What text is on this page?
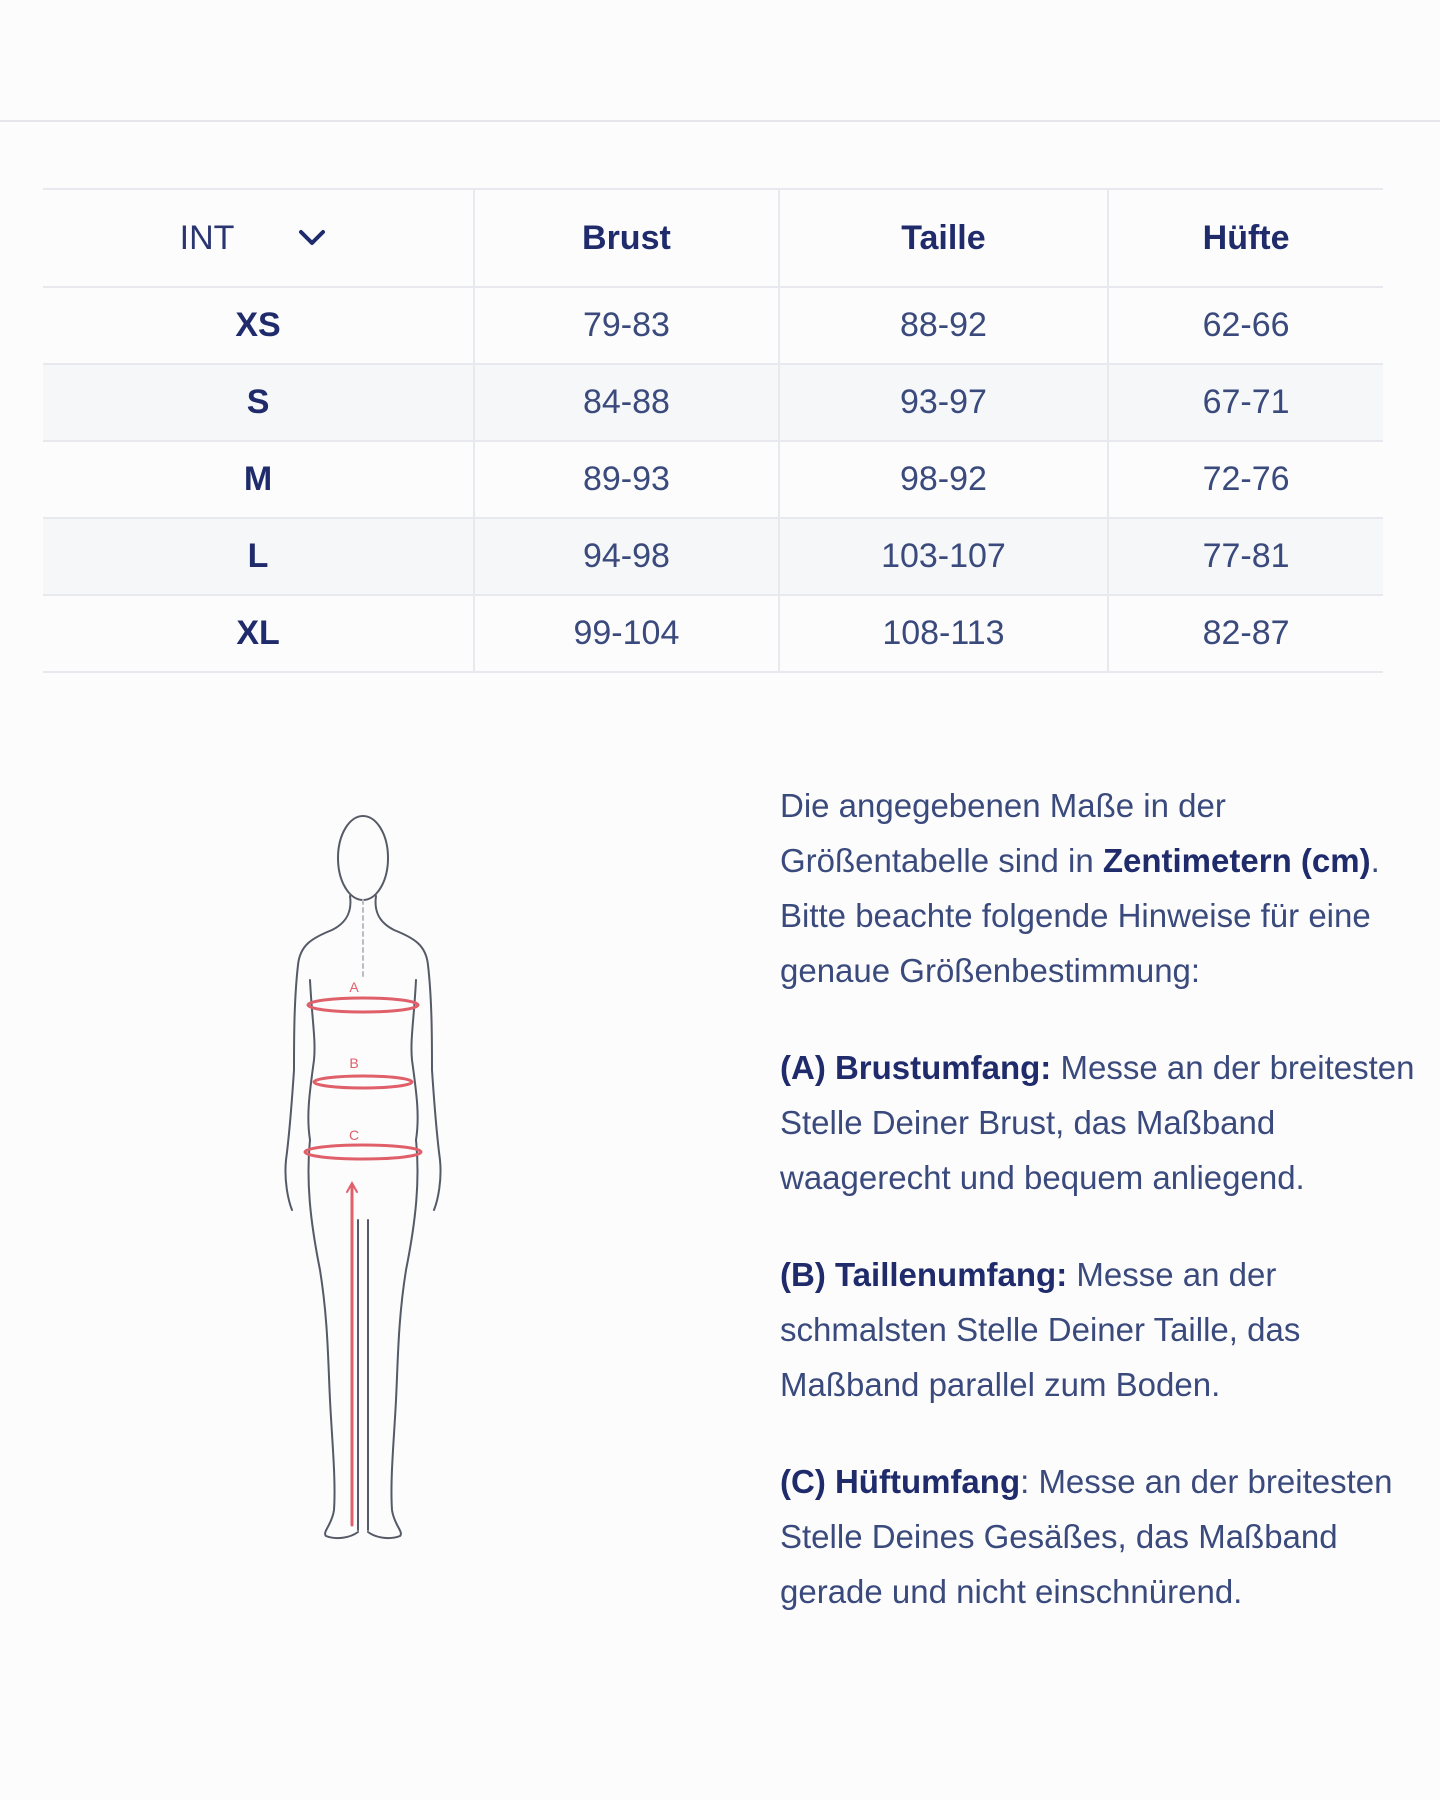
INT	Brust	Taille	Hüfte
XS	79-83	88-92	62-66
S	84-88	93-97	67-71
M	89-93	98-92	72-76
L	94-98	103-107	77-81
XL	99-104	108-113	82-87
A
B
C

Die angegebenen Maße in der Größentabelle sind in Zentimetern (cm). Bitte beachte folgende Hinweise für eine genaue Größenbestimmung:

(A) Brustumfang: Messe an der breitesten Stelle Deiner Brust, das Maßband waagerecht und bequem anliegend.

(B) Taillenumfang: Messe an der schmalsten Stelle Deiner Taille, das Maßband parallel zum Boden.

(C) Hüftumfang: Messe an der breitesten Stelle Deines Gesäßes, das Maßband gerade und nicht einschnürend.
